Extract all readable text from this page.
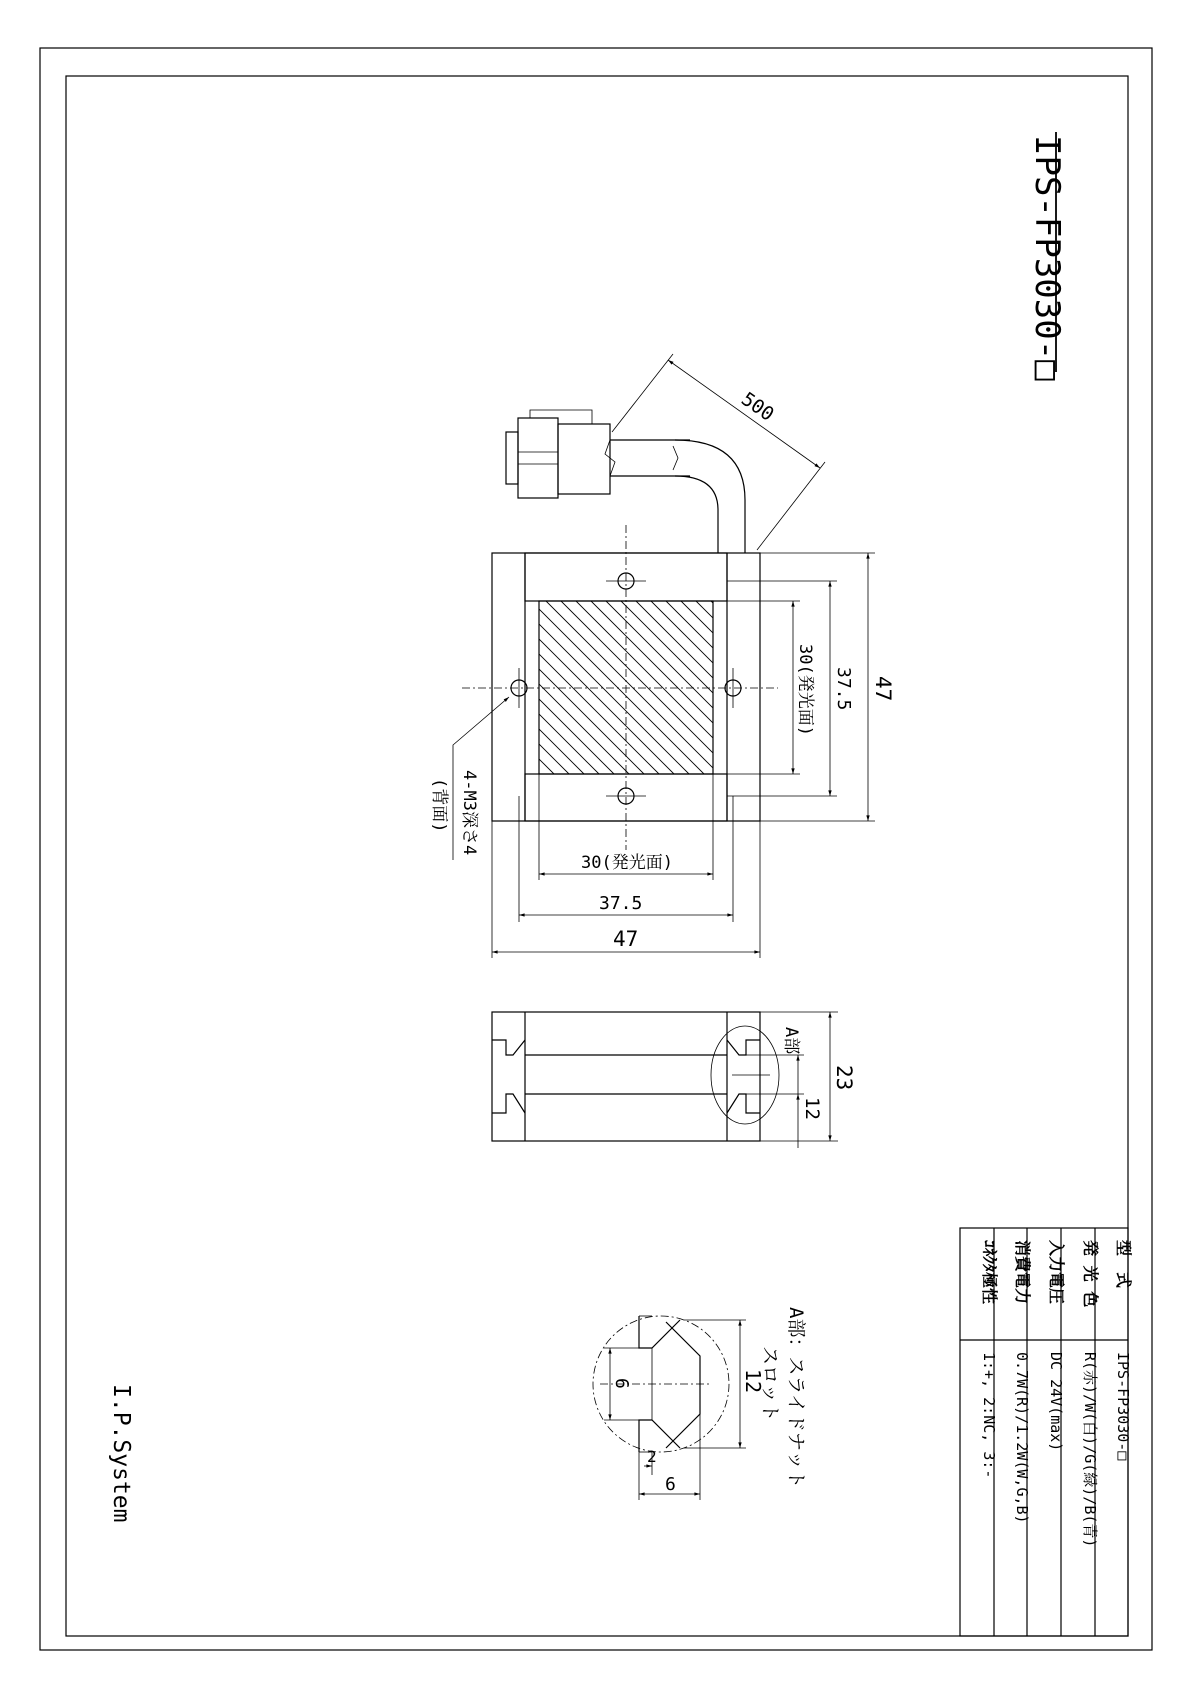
IPS-FP3030-□
500
47
37.5
30(発光面)
30(発光面)
37.5
47
4-M3深さ4
(背面)
23
12
A部
12
6
2
6	A部：スライドナット
スロット
I.P.System
型　式
IPS-FP3030-□
発 光 色
R(赤)/W(白)/G(緑)/B(青)
入力電圧
DC 24V(max)
消費電力
0.7W(R)/1.2W(W,G,B)
ｺﾈｸﾀ極性
1:+, 2:NC, 3:-
